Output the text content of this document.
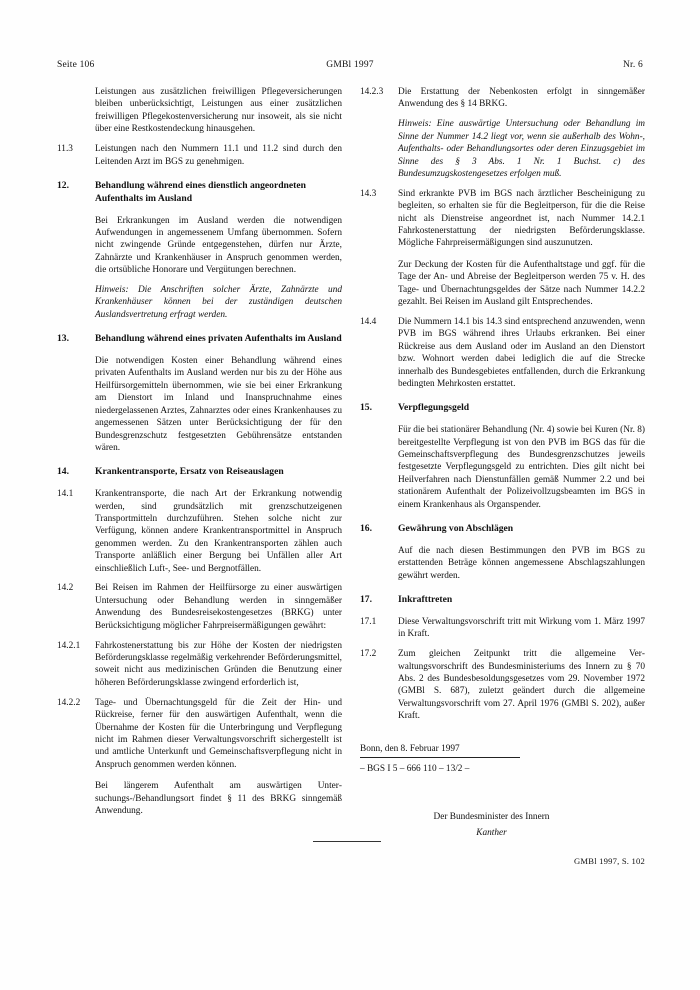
Seite 106	GMBl 1997	Nr. 6
Leistungen aus zusätzlichen freiwilligen Pflegeversicherungen bleiben unberücksichtigt, Leistungen aus einer zusätzlichen freiwilligen Pflegekostenversicherung nur insoweit, als sie nicht über eine Restkostendeckung hinausgehen.
11.3	Leistungen nach den Nummern 11.1 und 11.2 sind durch den Leitenden Arzt im BGS zu genehmigen.
12.	Behandlung während eines dienstlich angeordneten Aufenthalts im Ausland
Bei Erkrankungen im Ausland werden die notwendigen Aufwendungen in angemessenem Umfang übernommen. Sofern nicht zwingende Gründe entgegenstehen, dürfen nur Ärzte, Zahnärzte und Krankenhäuser in Anspruch genommen werden, die ortsübliche Honorare und Vergütungen berechnen.
Hinweis: Die Anschriften solcher Ärzte, Zahnärzte und Krankenhäuser können bei der zuständigen deutschen Auslandsvertretung erfragt werden.
13.	Behandlung während eines privaten Aufenthalts im Ausland
Die notwendigen Kosten einer Behandlung während eines privaten Aufenthalts im Ausland werden nur bis zu der Höhe aus Heilfürsorgemitteln übernommen, wie sie bei einer Erkrankung am Dienstort im Inland und Inanspruchnahme eines niedergelassenen Arztes, Zahnarztes oder eines Krankenhauses zu angemessenen Sätzen unter Berücksichtigung der für den Bundesgrenzschutz festgesetzten Gebührensätze entstanden wären.
14.	Krankentransporte, Ersatz von Reiseauslagen
14.1	Krankentransporte, die nach Art der Erkrankung notwendig werden, sind grundsätzlich mit grenzschutzeigenen Transportmitteln durchzuführen. Stehen solche nicht zur Verfügung, können andere Krankentransportmittel in Anspruch genommen werden. Zu den Krankentransporten zählen auch Transporte anläßlich einer Bergung bei Unfällen aller Art einschließlich Luft-, See- und Bergnotfällen.
14.2	Bei Reisen im Rahmen der Heilfürsorge zu einer auswärtigen Untersuchung oder Behandlung werden in sinngemäßer Anwendung des Bundesreisekostengesetzes (BRKG) unter Berücksichtigung möglicher Fahrpreisermäßigungen gewährt:
14.2.1	Fahrkostenerstattung bis zur Höhe der Kosten der niedrigsten Beförderungsklasse regelmäßig verkehrender Beförderungsmittel, soweit nicht aus medizinischen Gründen die Benutzung einer höheren Beförderungsklasse zwingend erforderlich ist,
14.2.2	Tage- und Übernachtungsgeld für die Zeit der Hin- und Rückreise, ferner für den auswärtigen Aufenthalt, wenn die Übernahme der Kosten für die Unterbringung und Verpflegung nicht im Rahmen dieser Verwaltungsvorschrift sichergestellt ist und amtliche Unterkunft und Gemeinschaftsverpflegung nicht in Anspruch genommen werden können.
Bei längerem Aufenthalt am auswärtigen Untersuchungs-/Behandlungsort findet § 11 des BRKG sinngemäß Anwendung.
14.2.3	Die Erstattung der Nebenkosten erfolgt in sinngemäßer Anwendung des § 14 BRKG.
Hinweis: Eine auswärtige Untersuchung oder Behandlung im Sinne der Nummer 14.2 liegt vor, wenn sie außerhalb des Wohn-, Aufenthalts- oder Behandlungsortes oder deren Einzugsgebiet im Sinne des § 3 Abs. 1 Nr. 1 Buchst. c) des Bundesumzugskostengesetzes erfolgen muß.
14.3	Sind erkrankte PVB im BGS nach ärztlicher Bescheinigung zu begleiten, so erhalten sie für die Begleitperson, für die die Reise nicht als Dienstreise angeordnet ist, nach Nummer 14.2.1 Fahrkostenerstattung der niedrigsten Beförderungsklasse. Mögliche Fahrpreisermäßigungen sind auszunutzen.
Zur Deckung der Kosten für die Aufenthaltstage und ggf. für die Tage der An- und Abreise der Begleitperson werden 75 v. H. des Tage- und Übernachtungsgeldes der Sätze nach Nummer 14.2.2 gezahlt. Bei Reisen im Ausland gilt Entsprechendes.
14.4	Die Nummern 14.1 bis 14.3 sind entsprechend anzuwenden, wenn PVB im BGS während ihres Urlaubs erkranken. Bei einer Rückreise aus dem Ausland oder im Ausland an den Dienstort bzw. Wohnort werden dabei lediglich die auf die Strecke innerhalb des Bundesgebietes entfallenden, durch die Erkrankung bedingten Mehrkosten erstattet.
15.	Verpflegungsgeld
Für die bei stationärer Behandlung (Nr. 4) sowie bei Kuren (Nr. 8) bereitgestellte Verpflegung ist von den PVB im BGS das für die Gemeinschaftsverpflegung des Bundesgrenzschutzes jeweils festgesetzte Verpflegungsgeld zu entrichten. Dies gilt nicht bei Heilverfahren nach Dienstunfällen gemäß Nummer 2.2 und bei stationärem Aufenthalt der Polizeivollzugsbeamten im BGS in einem Krankenhaus als Organspender.
16.	Gewährung von Abschlägen
Auf die nach diesen Bestimmungen den PVB im BGS zu erstattenden Beträge können angemessene Abschlagszahlungen gewährt werden.
17.	Inkrafttreten
17.1	Diese Verwaltungsvorschrift tritt mit Wirkung vom 1. März 1997 in Kraft.
17.2	Zum gleichen Zeitpunkt tritt die allgemeine Verwaltungsvorschrift des Bundesministeriums des Innern zu § 70 Abs. 2 des Bundesbesoldungsgesetzes vom 29. November 1972 (GMBl S. 687), zuletzt geändert durch die allgemeine Verwaltungsvorschrift vom 27. April 1976 (GMBl S. 202), außer Kraft.
Bonn, den 8. Februar 1997
– BGS I 5 – 666 110 – 13/2 –
Der Bundesminister des Innern
Kanther
GMBl 1997, S. 102
